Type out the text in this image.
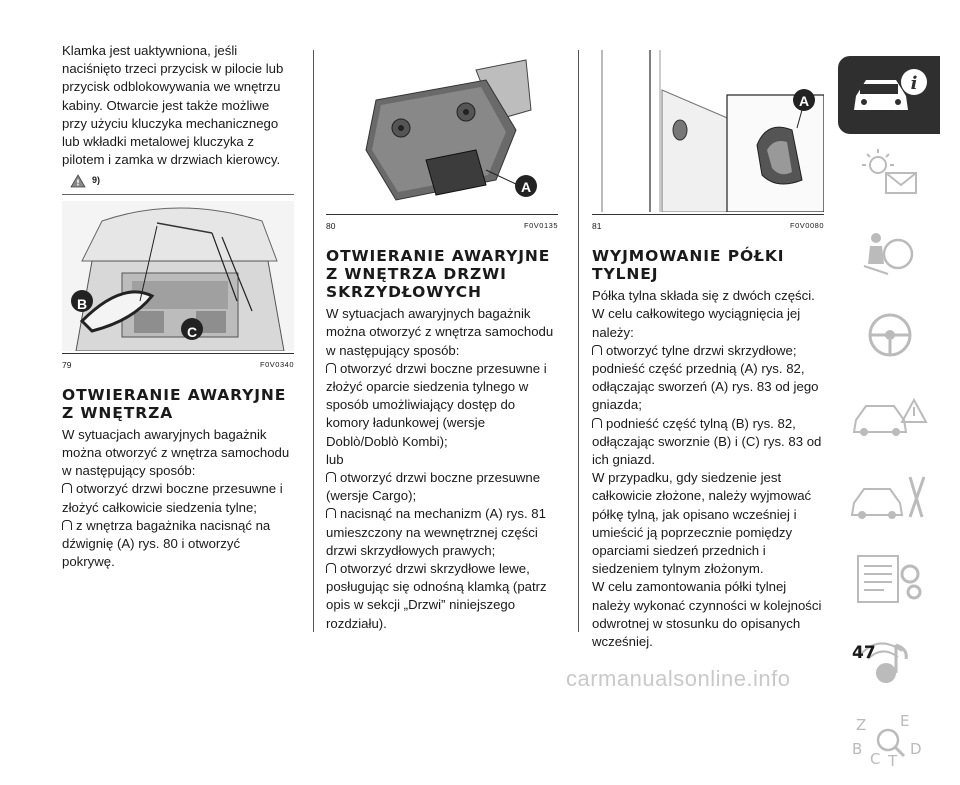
Klamka jest uaktywniona, jeśli naciśnięto trzeci przycisk w pilocie lub przycisk odblokowywania we wnętrzu kabiny. Otwarcie jest także możliwe przy użyciu kluczyka mechanicznego lub wkładki metalowej kluczyka z pilotem i zamka w drzwiach kierowcy.

! 9)
B
C
79	F0V0340
OTWIERANIE AWARYJNE Z WNĘTRZA

W sytuacjach awaryjnych bagażnik można otworzyć z wnętrza samochodu w następujący sposób:

otworzyć drzwi boczne przesuwne i złożyć całkowicie siedzenia tylne;

z wnętrza bagażnika nacisnąć na dźwignię (A) rys. 80 i otworzyć pokrywę.

A
80	F0V0135
OTWIERANIE AWARYJNE Z WNĘTRZA DRZWI SKRZYDŁOWYCH

W sytuacjach awaryjnych bagażnik można otworzyć z wnętrza samochodu w następujący sposób:

otworzyć drzwi boczne przesuwne i złożyć oparcie siedzenia tylnego w sposób umożliwiający dostęp do komory ładunkowej (wersje Doblò/Doblò Kombi);

lub

otworzyć drzwi boczne przesuwne (wersje Cargo);

nacisnąć na mechanizm (A) rys. 81 umieszczony na wewnętrznej części drzwi skrzydłowych prawych;

otworzyć drzwi skrzydłowe lewe, posługując się odnośną klamką (patrz opis w sekcji „Drzwi” niniejszego rozdziału).

A
81	F0V0080
WYJMOWANIE PÓŁKI TYLNEJ

Półka tylna składa się z dwóch części.

W celu całkowitego wyciągnięcia jej należy:

otworzyć tylne drzwi skrzydłowe; podnieść część przednią (A) rys. 82, odłączając sworzeń (A) rys. 83 od jego gniazda;

podnieść część tylną (B) rys. 82, odłączając sworznie (B) i (C) rys. 83 od ich gniazd.

W przypadku, gdy siedzenie jest całkowicie złożone, należy wyjmować półkę tylną, jak opisano wcześniej i umieścić ją poprzecznie pomiędzy oparciami siedzeń przednich i siedzeniem tylnym złożonym.

W celu zamontowania półki tylnej należy wykonać czynności w kolejności odwrotnej w stosunku do opisanych wcześniej.

i
Z E
B
C T
D
47
carmanualsonline.info
